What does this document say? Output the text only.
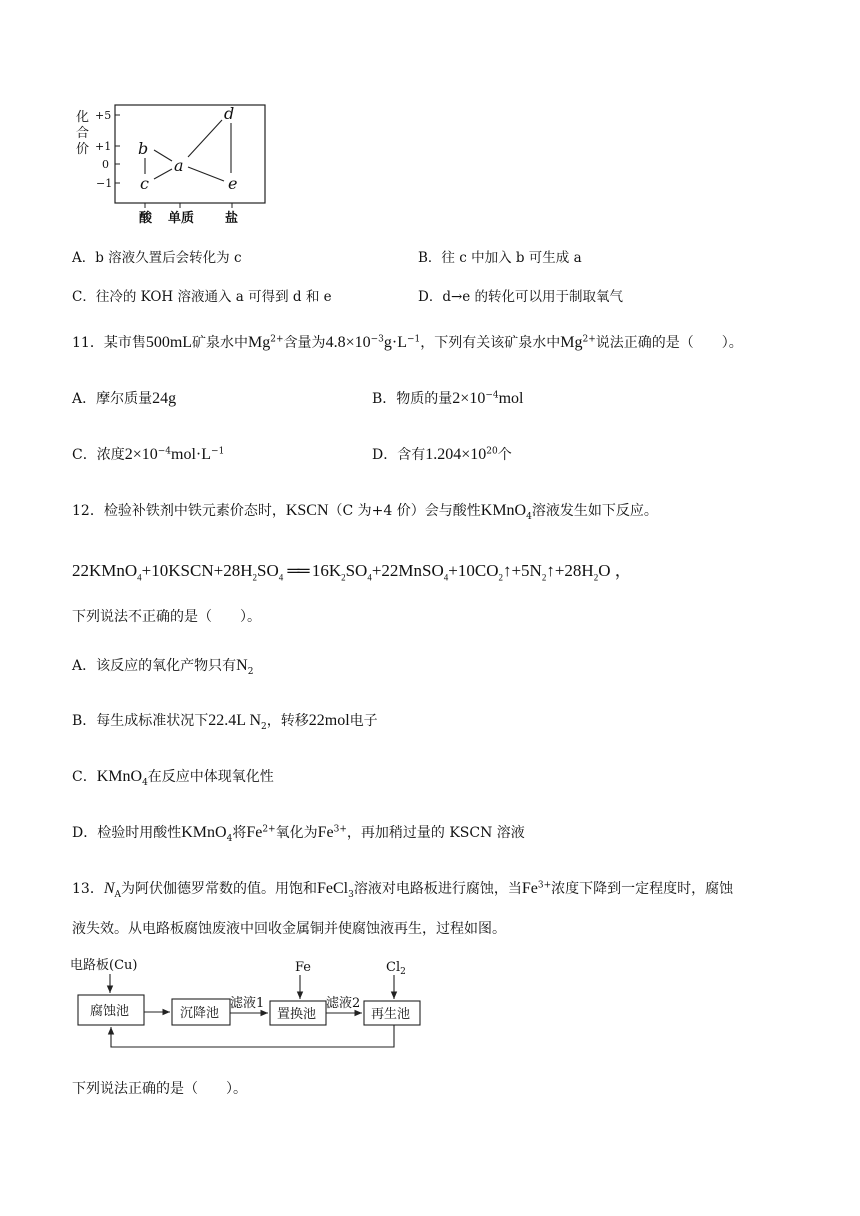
化
合
价
+5
+1
0
−1
b
c
a
d
e
酸 单质 盐
A．b 溶液久置后会转化为 c	B．往 c 中加入 b 可生成 a
C．往冷的 KOH 溶液通入 a 可得到 d 和 e	D．d→e 的转化可以用于制取氧气
11．某市售500mL矿泉水中$Mg^{2+}$含量为$4.8\times 10^{-3}g\cdot L^{-1}$，下列有关该矿泉水中$Mg^{2+}$说法正确的是（　　）。
A．摩尔质量24g	B．物质的量$2\times 10^{-4}mol$
C．浓度$2\times 10^{-4}mol\cdot L^{-1}$	D．含有$1.204\times 10^{20}$个
12．检验补铁剂中铁元素价态时，KSCN（C 为+4 价）会与酸性KMnO$_4$溶液发生如下反应。
$22KMnO_4+10KSCN+28H_2SO_4$ ══ $16K_2SO_4+22MnSO_4+10CO_2↑+5N_2↑+28H_2O$ ，
下列说法不正确的是（　　）。
A．该反应的氧化产物只有$N_2$
B．每生成标准状况下22.4L $N_2$，转移22mol电子
C．KMnO$_4$在反应中体现氧化性
D．检验时用酸性KMnO$_4$将$Fe^{2+}$氧化为$Fe^{3+}$，再加稍过量的 KSCN 溶液
13．$N_A$为阿伏伽德罗常数的值。用饱和FeCl$_3$溶液对电路板进行腐蚀，当$Fe^{3+}$浓度下降到一定程度时，腐蚀
液失效。从电路板腐蚀废液中回收金属铜并使腐蚀液再生，过程如图。
电路板(Cu)	Fe	$Cl_2$
腐蚀池	沉降池	置换池	再生池
滤液1	滤液2
下列说法正确的是（　　）。
